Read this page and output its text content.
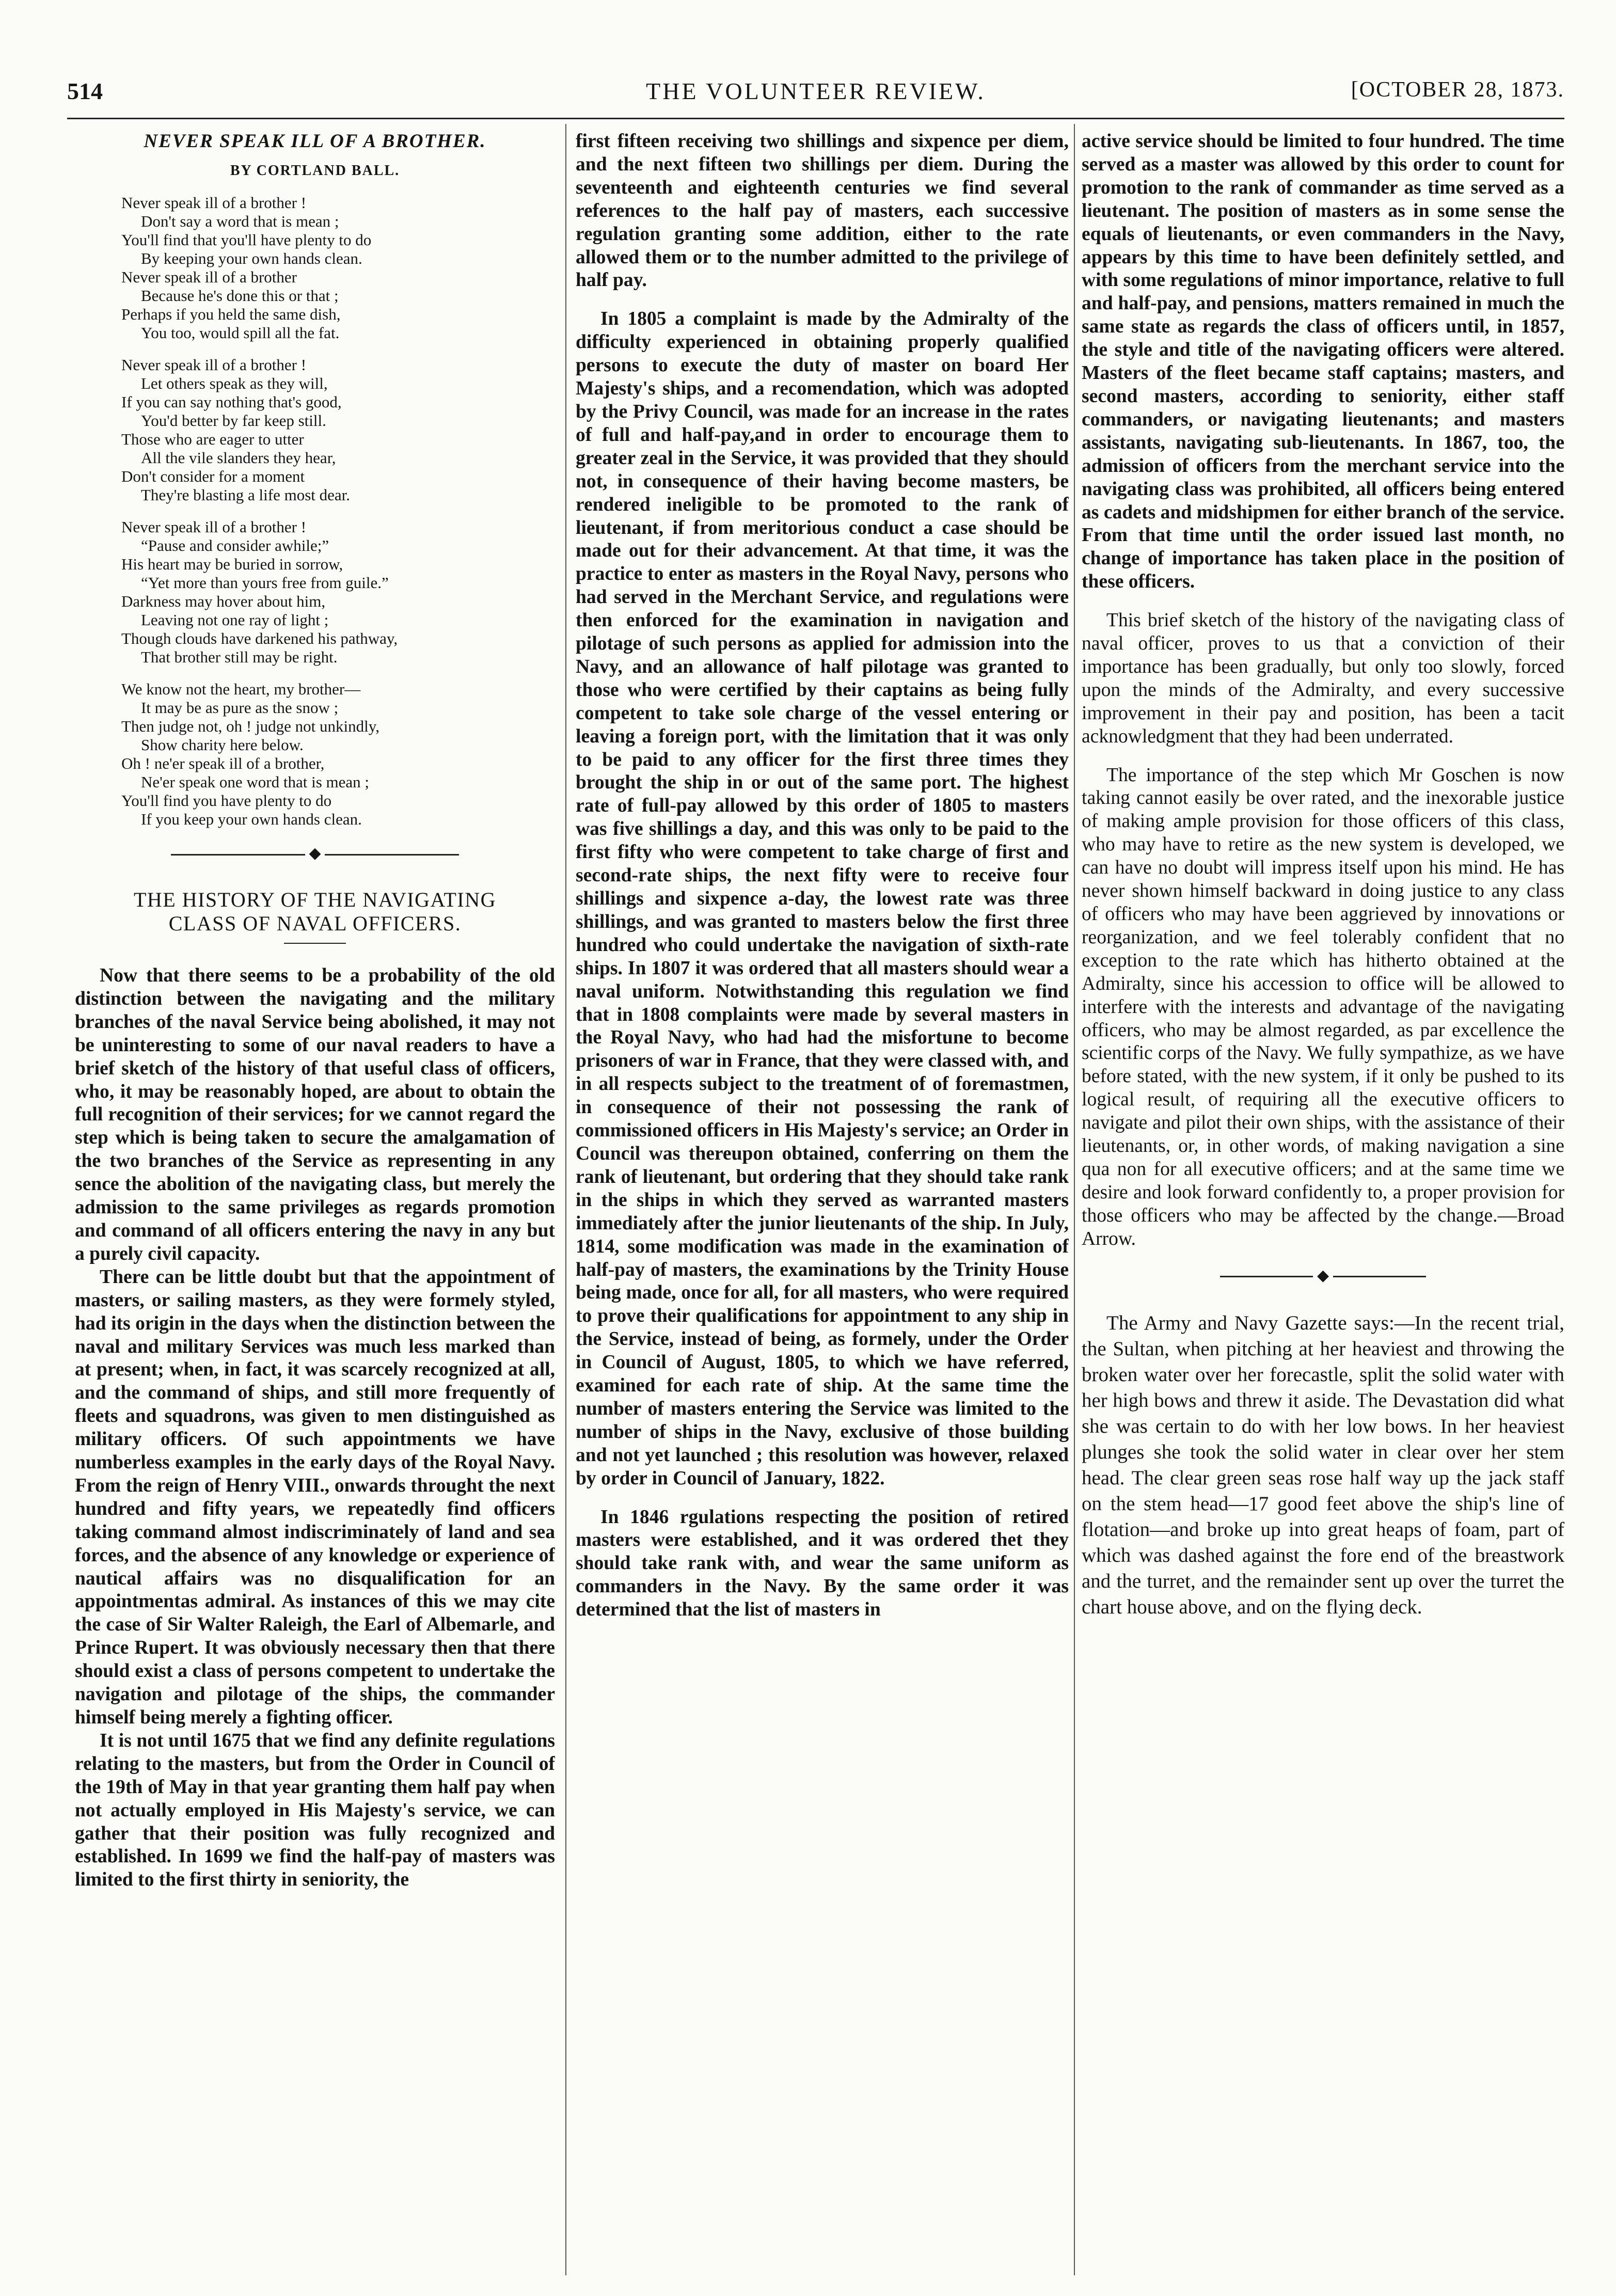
514	THE VOLUNTEER REVIEW.	[OCTOBER 28, 1873.
NEVER SPEAK ILL OF A BROTHER.
BY CORTLAND BALL.
Never speak ill of a brother !
Don't say a word that is mean ;
You'll find that you'll have plenty to do
By keeping your own hands clean.
Never speak ill of a brother
Because he's done this or that ;
Perhaps if you held the same dish,
You too, would spill all the fat.
Never speak ill of a brother !
Let others speak as they will,
If you can say nothing that's good,
You'd better by far keep still.
Those who are eager to utter
All the vile slanders they hear,
Don't consider for a moment
They're blasting a life most dear.
Never speak ill of a brother !
“Pause and consider awhile;”
His heart may be buried in sorrow,
“Yet more than yours free from guile.”
Darkness may hover about him,
Leaving not one ray of light ;
Though clouds have darkened his pathway,
That brother still may be right.
We know not the heart, my brother—
It may be as pure as the snow ;
Then judge not, oh ! judge not unkindly,
Show charity here below.
Oh ! ne'er speak ill of a brother,
Ne'er speak one word that is mean ;
You'll find you have plenty to do
If you keep your own hands clean.
◆
THE HISTORY OF THE NAVIGATING
CLASS OF NAVAL OFFICERS.

Now that there seems to be a probability of the old distinction between the navigating and the military branches of the naval Service being abolished, it may not be uninteresting to some of our naval readers to have a brief sketch of the history of that useful class of officers, who, it may be reasonably hoped, are about to obtain the full recognition of their services; for we cannot regard the step which is being taken to secure the amalgamation of the two branches of the Service as representing in any sence the abolition of the navigating class, but merely the admission to the same privileges as regards promotion and command of all officers entering the navy in any but a purely civil capacity.

There can be little doubt but that the appointment of masters, or sailing masters, as they were formely styled, had its origin in the days when the distinction between the naval and military Services was much less marked than at present; when, in fact, it was scarcely recognized at all, and the command of ships, and still more frequently of fleets and squadrons, was given to men distinguished as military officers. Of such appointments we have numberless examples in the early days of the Royal Navy. From the reign of Henry VIII., onwards throught the next hundred and fifty years, we repeatedly find officers taking command almost indiscriminately of land and sea forces, and the absence of any knowledge or experience of nautical affairs was no disqualification for an appointmentas admiral. As instances of this we may cite the case of Sir Walter Raleigh, the Earl of Albemarle, and Prince Rupert. It was obviously necessary then that there should exist a class of persons competent to undertake the navigation and pilotage of the ships, the commander himself being merely a fighting officer.

It is not until 1675 that we find any definite regulations relating to the masters, but from the Order in Council of the 19th of May in that year granting them half pay when not actually employed in His Majesty's service, we can gather that their position was fully recognized and established. In 1699 we find the half-pay of masters was limited to the first thirty in seniority, the

first fifteen receiving two shillings and sixpence per diem, and the next fifteen two shillings per diem. During the seventeenth and eighteenth centuries we find several references to the half pay of masters, each successive regulation granting some addition, either to the rate allowed them or to the number admitted to the privilege of half pay.

In 1805 a complaint is made by the Admiralty of the difficulty experienced in obtaining properly qualified persons to execute the duty of master on board Her Majesty's ships, and a recomendation, which was adopted by the Privy Council, was made for an increase in the rates of full and half-pay,and in order to encourage them to greater zeal in the Service, it was provided that they should not, in consequence of their having become masters, be rendered ineligible to be promoted to the rank of lieutenant, if from meritorious conduct a case should be made out for their advancement. At that time, it was the practice to enter as masters in the Royal Navy, persons who had served in the Merchant Service, and regulations were then enforced for the examination in navigation and pilotage of such persons as applied for admission into the Navy, and an allowance of half pilotage was granted to those who were certified by their captains as being fully competent to take sole charge of the vessel entering or leaving a foreign port, with the limitation that it was only to be paid to any officer for the first three times they brought the ship in or out of the same port. The highest rate of full-pay allowed by this order of 1805 to masters was five shillings a day, and this was only to be paid to the first fifty who were competent to take charge of first and second-rate ships, the next fifty were to receive four shillings and sixpence a-day, the lowest rate was three shillings, and was granted to masters below the first three hundred who could undertake the navigation of sixth-rate ships. In 1807 it was ordered that all masters should wear a naval uniform. Notwithstanding this regulation we find that in 1808 complaints were made by several masters in the Royal Navy, who had had the misfortune to become prisoners of war in France, that they were classed with, and in all respects subject to the treatment of of foremastmen, in consequence of their not possessing the rank of commissioned officers in His Majesty's service; an Order in Council was thereupon obtained, conferring on them the rank of lieutenant, but ordering that they should take rank in the ships in which they served as warranted masters immediately after the junior lieutenants of the ship. In July, 1814, some modification was made in the examination of half-pay of masters, the examinations by the Trinity House being made, once for all, for all masters, who were required to prove their qualifications for appointment to any ship in the Service, instead of being, as formely, under the Order in Council of August, 1805, to which we have referred, examined for each rate of ship. At the same time the number of masters entering the Service was limited to the number of ships in the Navy, exclusive of those building and not yet launched ; this resolution was however, relaxed by order in Council of January, 1822.

In 1846 rgulations respecting the position of retired masters were established, and it was ordered thet they should take rank with, and wear the same uniform as commanders in the Navy. By the same order it was determined that the list of masters in

active service should be limited to four hundred. The time served as a master was allowed by this order to count for promotion to the rank of commander as time served as a lieutenant. The position of masters as in some sense the equals of lieutenants, or even commanders in the Navy, appears by this time to have been definitely settled, and with some regulations of minor importance, relative to full and half-pay, and pensions, matters remained in much the same state as regards the class of officers until, in 1857, the style and title of the navigating officers were altered. Masters of the fleet became staff captains; masters, and second masters, according to seniority, either staff commanders, or navigating lieutenants; and masters assistants, navigating sub-lieutenants. In 1867, too, the admission of officers from the merchant service into the navigating class was prohibited, all officers being entered as cadets and midshipmen for either branch of the service. From that time until the order issued last month, no change of importance has taken place in the position of these officers.

This brief sketch of the history of the navigating class of naval officer, proves to us that a conviction of their importance has been gradually, but only too slowly, forced upon the minds of the Admiralty, and every successive improvement in their pay and position, has been a tacit acknowledgment that they had been underrated.

The importance of the step which Mr Goschen is now taking cannot easily be over rated, and the inexorable justice of making ample provision for those officers of this class, who may have to retire as the new system is developed, we can have no doubt will impress itself upon his mind. He has never shown himself backward in doing justice to any class of officers who may have been aggrieved by innovations or reorganization, and we feel tolerably confident that no exception to the rate which has hitherto obtained at the Admiralty, since his accession to office will be allowed to interfere with the interests and advantage of the navigating officers, who may be almost regarded, as par excellence the scientific corps of the Navy. We fully sympathize, as we have before stated, with the new system, if it only be pushed to its logical result, of requiring all the executive officers to navigate and pilot their own ships, with the assistance of their lieutenants, or, in other words, of making navigation a sine qua non for all executive officers; and at the same time we desire and look forward confidently to, a proper provision for those officers who may be affected by the change.—Broad Arrow.

◆

The Army and Navy Gazette says:—In the recent trial, the Sultan, when pitching at her heaviest and throwing the broken water over her forecastle, split the solid water with her high bows and threw it aside. The Devastation did what she was certain to do with her low bows. In her heaviest plunges she took the solid water in clear over her stem head. The clear green seas rose half way up the jack staff on the stem head—17 good feet above the ship's line of flotation—and broke up into great heaps of foam, part of which was dashed against the fore end of the breastwork and the turret, and the remainder sent up over the turret the chart house above, and on the flying deck.
